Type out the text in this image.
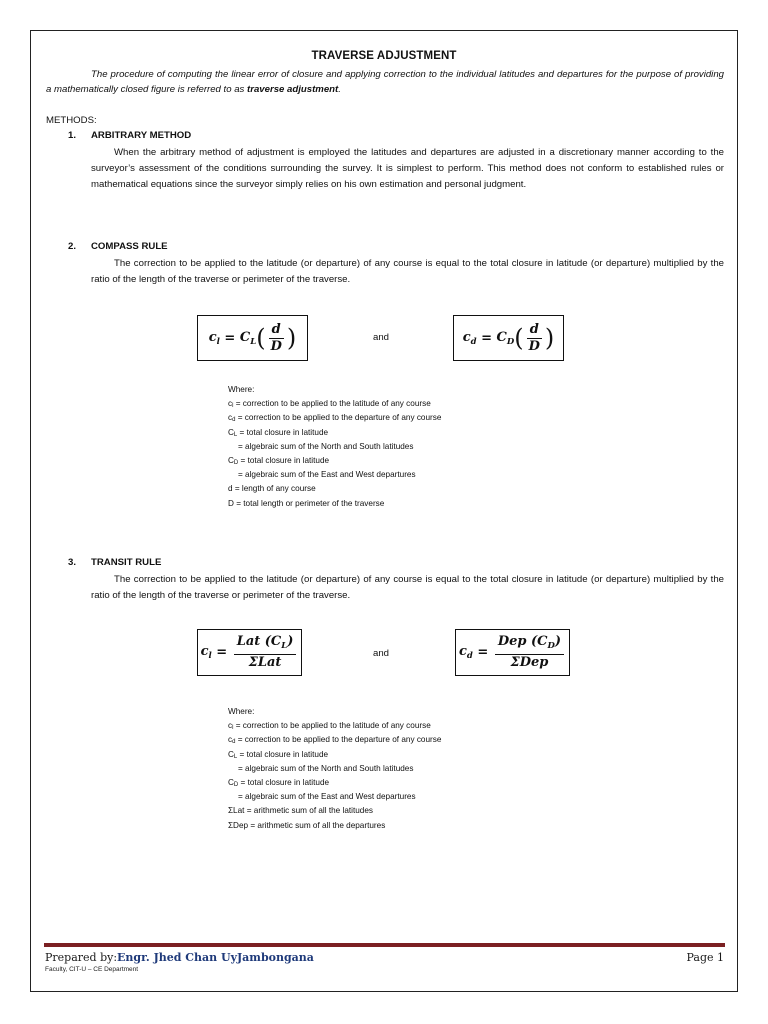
TRAVERSE ADJUSTMENT
The procedure of computing the linear error of closure and applying correction to the individual latitudes and departures for the purpose of providing a mathematically closed figure is referred to as traverse adjustment.
METHODS:
1. ARBITRARY METHOD
When the arbitrary method of adjustment is employed the latitudes and departures are adjusted in a discretionary manner according to the surveyor’s assessment of the conditions surrounding the survey. It is simplest to perform. This method does not conform to established rules or mathematical equations since the surveyor simply relies on his own estimation and personal judgment.
2. COMPASS RULE
The correction to be applied to the latitude (or departure) of any course is equal to the total closure in latitude (or departure) multiplied by the ratio of the length of the traverse or perimeter of the traverse.
$c_l = C_L$ ( $\frac{d}{D}$ )	and	$c_d = C_D$ ( $\frac{d}{D}$ )
Where:
$c_l$ = correction to be applied to the latitude of any course
$c_d$ = correction to be applied to the departure of any course
$C_L$ = total closure in latitude
= algebraic sum of the North and South latitudes
$C_D$ = total closure in latitude
= algebraic sum of the East and West departures
d = length of any course
D = total length or perimeter of the traverse
3. TRANSIT RULE
The correction to be applied to the latitude (or departure) of any course is equal to the total closure in latitude (or departure) multiplied by the ratio of the length of the traverse or perimeter of the traverse.
$c_l = \frac{Lat (C_L)}{\text{ΣLat}}$	and	$c_d = \frac{Dep (C_D)}{\text{ΣDep}}$
Where:
$c_l$ = correction to be applied to the latitude of any course
$c_d$ = correction to be applied to the departure of any course
$C_L$ = total closure in latitude
= algebraic sum of the North and South latitudes
$C_D$ = total closure in latitude
= algebraic sum of the East and West departures
ΣLat = arithmetic sum of all the latitudes
ΣDep = arithmetic sum of all the departures
Prepared by:Engr. Jhed Chan UyJambongana
Faculty, CIT-U – CE Department
Page 1
